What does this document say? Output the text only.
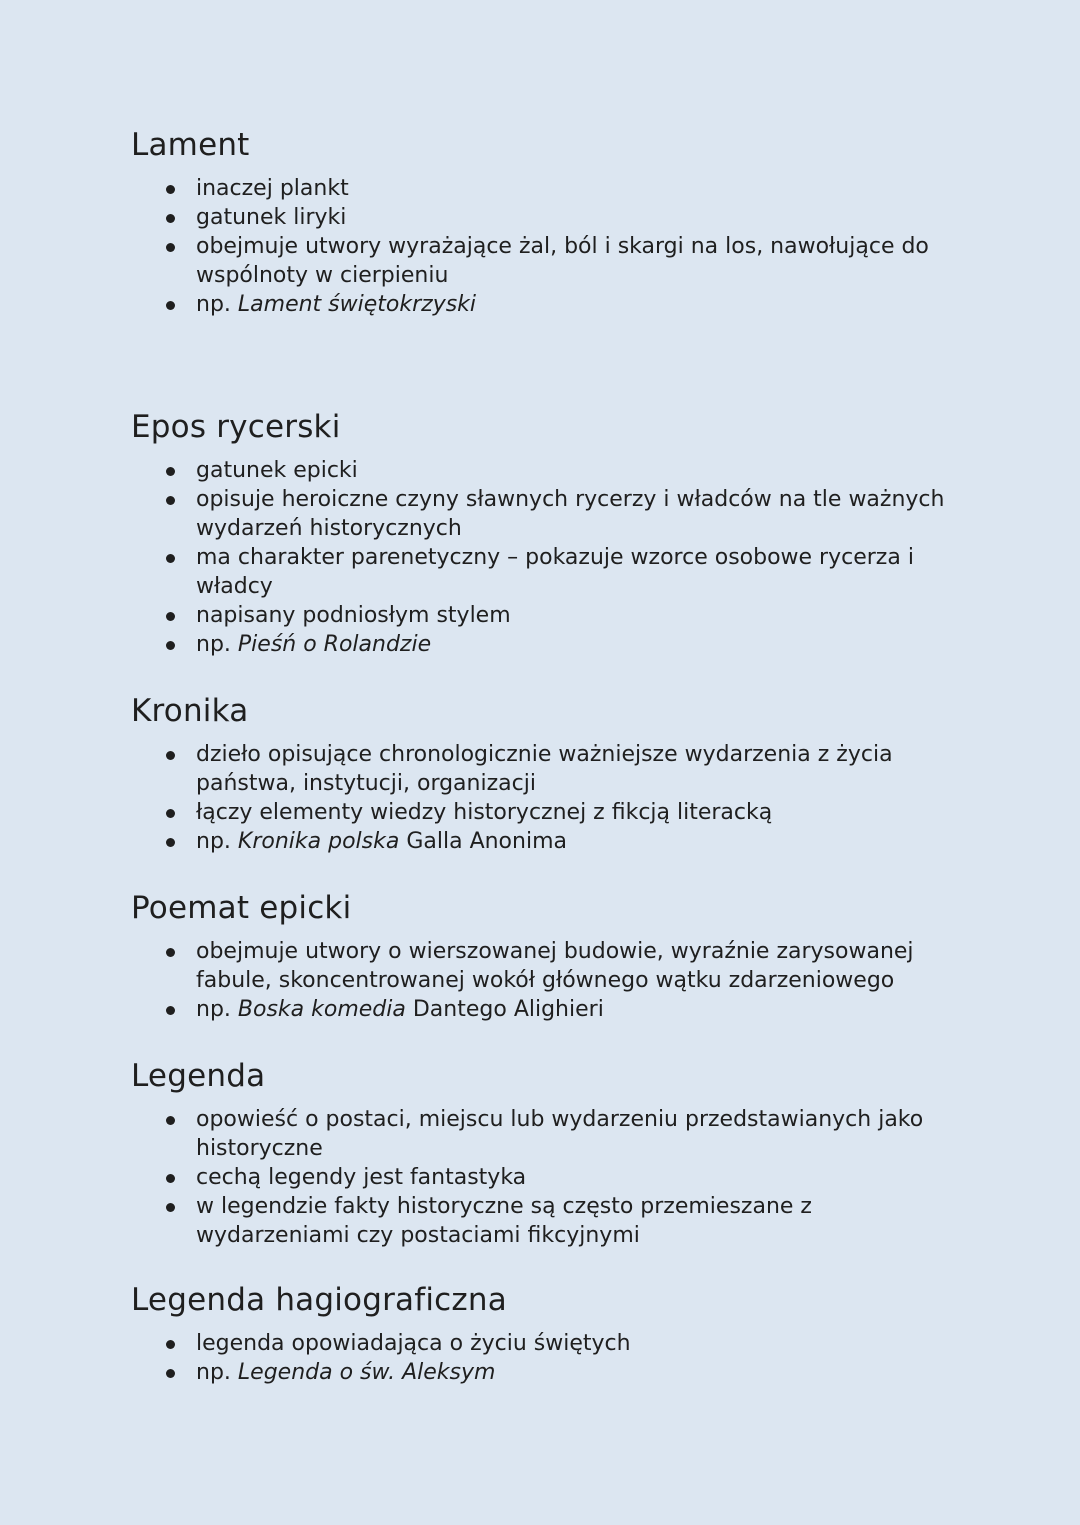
Lament
inaczej plankt
gatunek liryki
obejmuje utwory wyrażające żal, ból i skargi na los, nawołujące do wspólnoty w cierpieniu
np. Lament świętokrzyski
Epos rycerski
gatunek epicki
opisuje heroiczne czyny sławnych rycerzy i władców na tle ważnych wydarzeń historycznych
ma charakter parenetyczny – pokazuje wzorce osobowe rycerza i władcy
napisany podniosłym stylem
np. Pieśń o Rolandzie
Kronika
dzieło opisujące chronologicznie ważniejsze wydarzenia z życia państwa, instytucji, organizacji
łączy elementy wiedzy historycznej z fikcją literacką
np. Kronika polska Galla Anonima
Poemat epicki
obejmuje utwory o wierszowanej budowie, wyraźnie zarysowanej fabule, skoncentrowanej wokół głównego wątku zdarzeniowego
np. Boska komedia Dantego Alighieri
Legenda
opowieść o postaci, miejscu lub wydarzeniu przedstawianych jako historyczne
cechą legendy jest fantastyka
w legendzie fakty historyczne są często przemieszane z wydarzeniami czy postaciami fikcyjnymi
Legenda hagiograficzna
legenda opowiadająca o życiu świętych
np. Legenda o św. Aleksym
